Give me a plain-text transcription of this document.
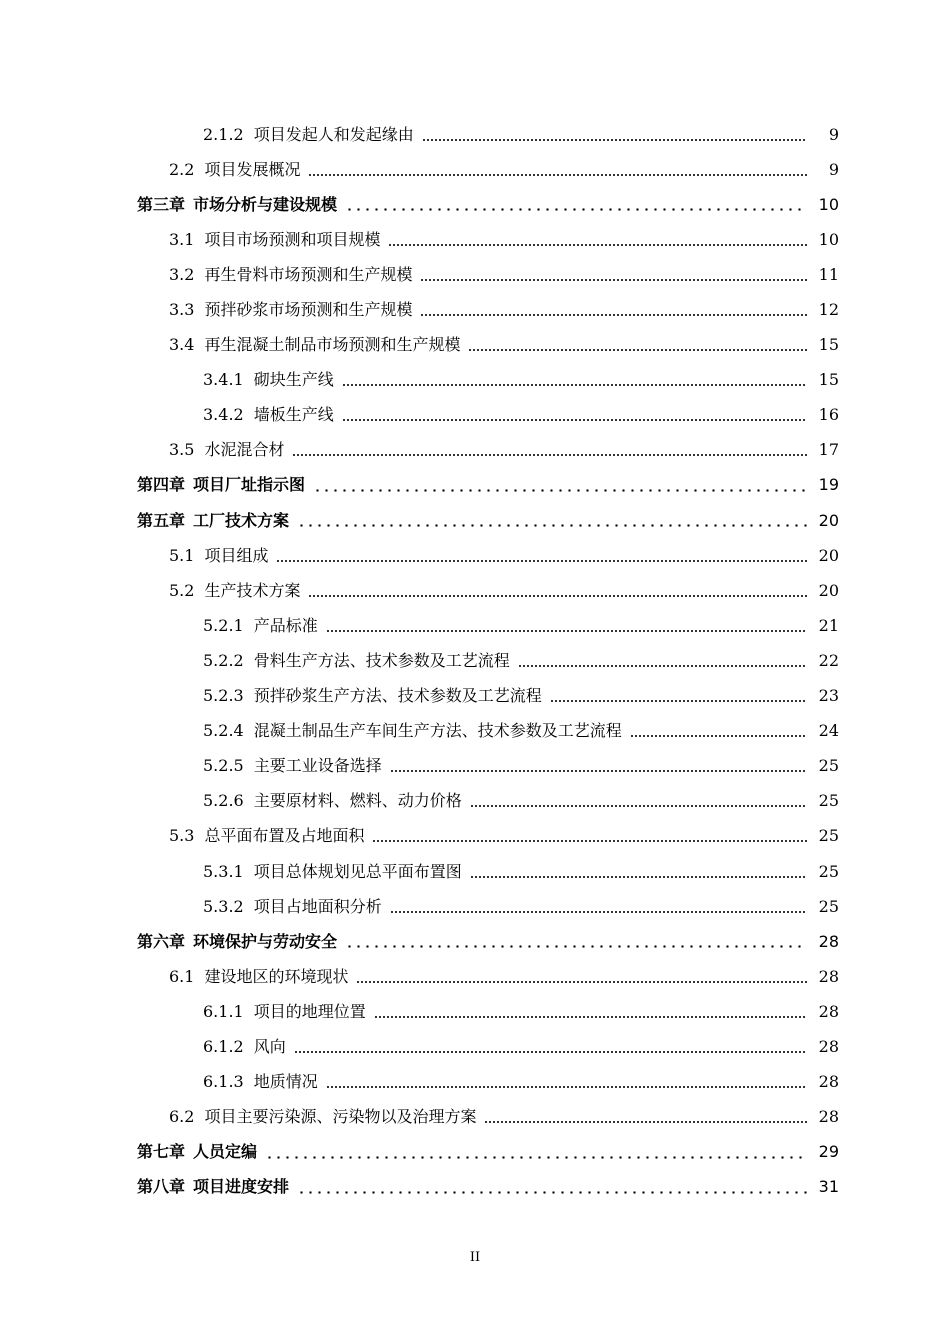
2.1.2 项目发起人和发起缘由	9
2.2 项目发展概况	9
第三章 市场分析与建设规模	10
3.1 项目市场预测和项目规模	10
3.2 再生骨料市场预测和生产规模	11
3.3 预拌砂浆市场预测和生产规模	12
3.4 再生混凝土制品市场预测和生产规模	15
3.4.1 砌块生产线	15
3.4.2 墙板生产线	16
3.5 水泥混合材	17
第四章 项目厂址指示图	19
第五章 工厂技术方案	20
5.1 项目组成	20
5.2 生产技术方案	20
5.2.1 产品标准	21
5.2.2 骨料生产方法、技术参数及工艺流程	22
5.2.3 预拌砂浆生产方法、技术参数及工艺流程	23
5.2.4 混凝土制品生产车间生产方法、技术参数及工艺流程	24
5.2.5 主要工业设备选择	25
5.2.6 主要原材料、燃料、动力价格	25
5.3 总平面布置及占地面积	25
5.3.1 项目总体规划见总平面布置图	25
5.3.2 项目占地面积分析	25
第六章 环境保护与劳动安全	28
6.1 建设地区的环境现状	28
6.1.1 项目的地理位置	28
6.1.2 风向	28
6.1.3 地质情况	28
6.2 项目主要污染源、污染物以及治理方案	28
第七章 人员定编	29
第八章 项目进度安排	31
II
